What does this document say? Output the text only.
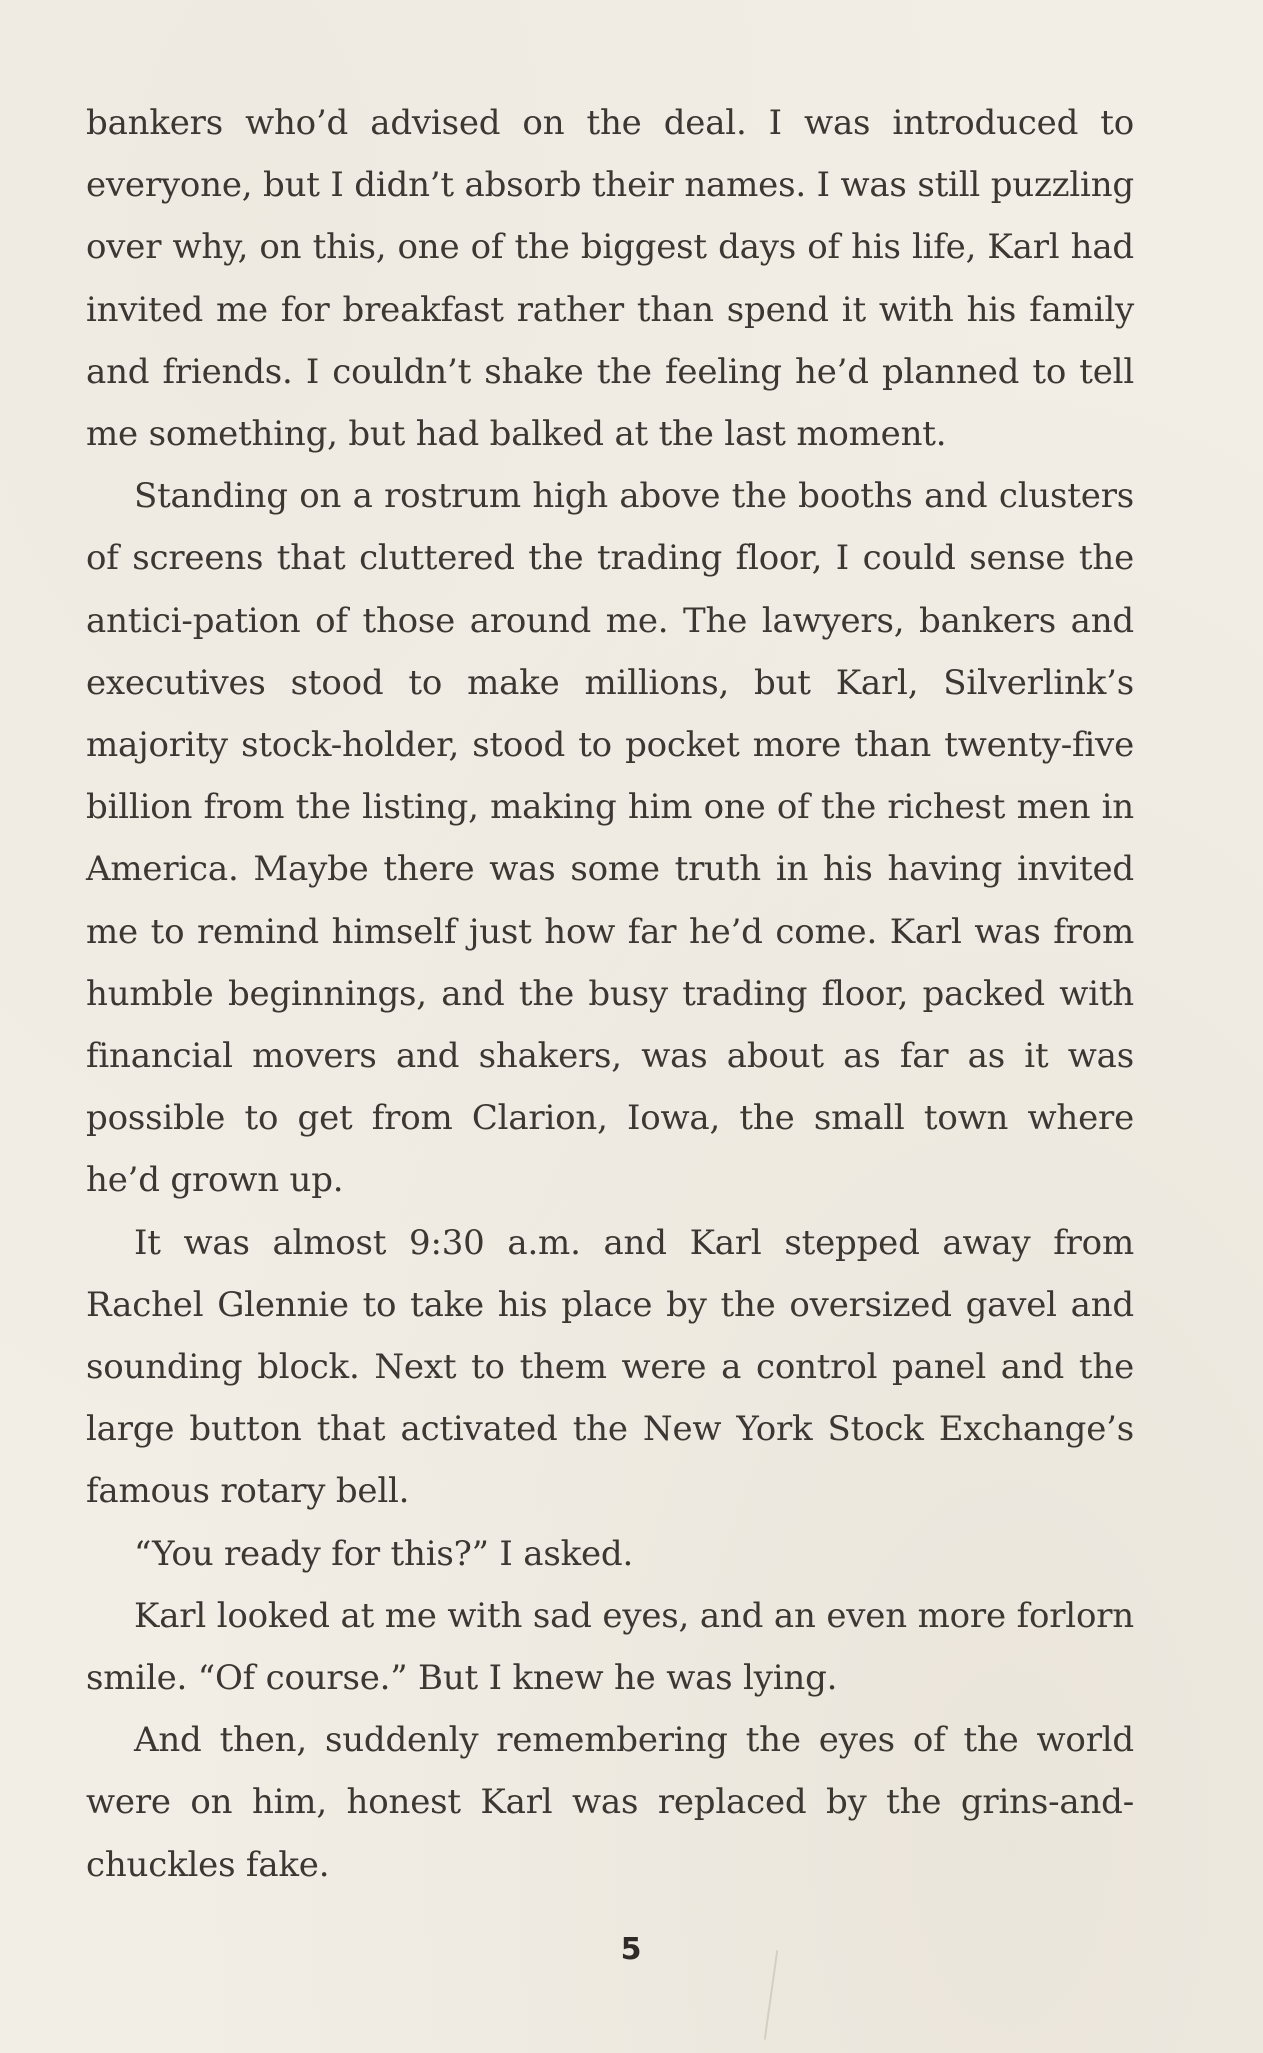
bankers who’d advised on the deal. I was introduced to everyone, but I didn’t absorb their names. I was still puzzling over why, on this, one of the biggest days of his life, Karl had invited me for breakfast rather than spend it with his family and friends. I couldn’t shake the feeling he’d planned to tell me something, but had balked at the last moment.

Standing on a rostrum high above the booths and clusters of screens that cluttered the trading floor, I could sense the antici-pation of those around me. The lawyers, bankers and executives stood to make millions, but Karl, Silverlink’s majority stock-holder, stood to pocket more than twenty-five billion from the listing, making him one of the richest men in America. Maybe there was some truth in his having invited me to remind himself just how far he’d come. Karl was from humble beginnings, and the busy trading floor, packed with financial movers and shakers, was about as far as it was possible to get from Clarion, Iowa, the small town where he’d grown up.

It was almost 9:30 a.m. and Karl stepped away from Rachel Glennie to take his place by the oversized gavel and sounding block. Next to them were a control panel and the large button that activated the New York Stock Exchange’s famous rotary bell.

“You ready for this?” I asked.

Karl looked at me with sad eyes, and an even more forlorn smile. “Of course.” But I knew he was lying.

And then, suddenly remembering the eyes of the world were on him, honest Karl was replaced by the grins-and-chuckles fake.

5
